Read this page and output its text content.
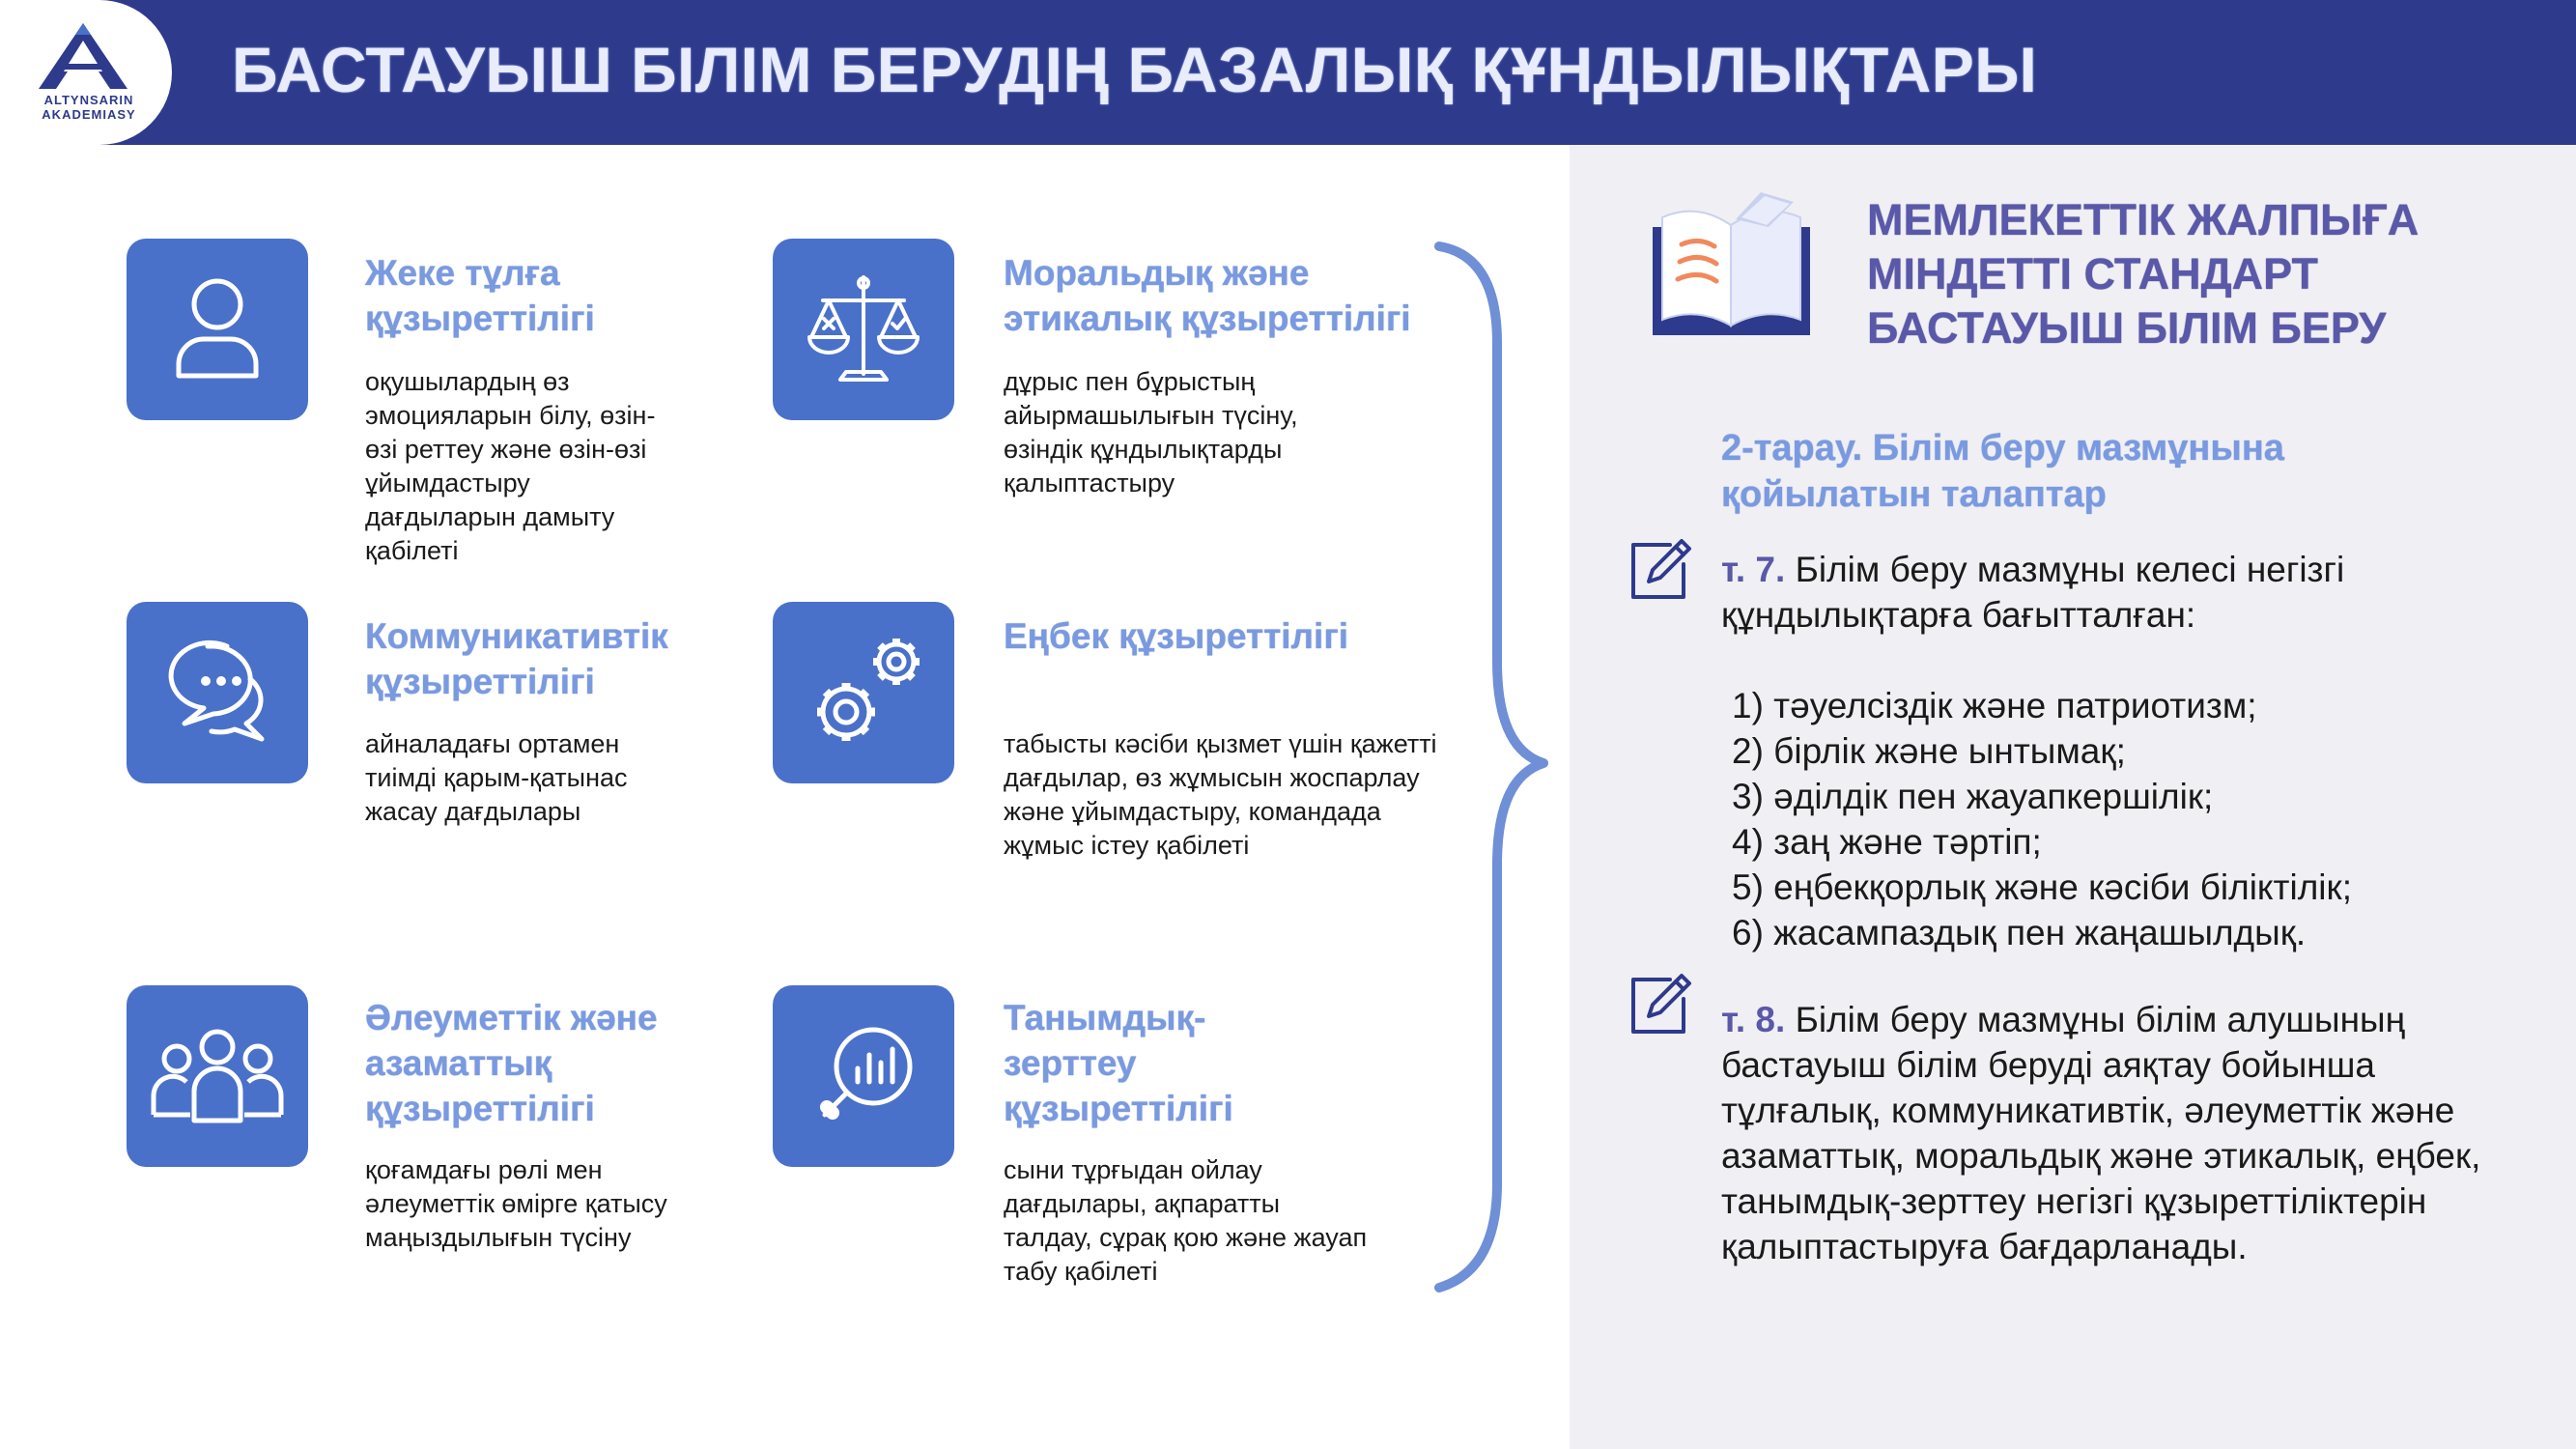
ALTYNSARIN
AKADEMIASY
БАСТАУЫШ БІЛІМ БЕРУДІҢ БАЗАЛЫҚ ҚҰНДЫЛЫҚТАРЫ
Жеке тұлға құзыреттілігі
оқушылардың өз эмоцияларын білу, өзін-өзі реттеу және өзін-өзі ұйымдастыру дағдыларын дамыту қабілеті
Моральдық және этикалық құзыреттілігі
дұрыс пен бұрыстың айырмашылығын түсіну, өзіндік құндылықтарды қалыптастыру
Коммуникативтік құзыреттілігі
айналадағы ортамен тиімді қарым-қатынас жасау дағдылары
Еңбек құзыреттілігі
табысты кәсіби қызмет үшін қажетті дағдылар, өз жұмысын жоспарлау және ұйымдастыру, командада жұмыс істеу қабілеті
Әлеуметтік және азаматтық құзыреттілігі
қоғамдағы рөлі мен әлеуметтік өмірге қатысу маңыздылығын түсіну
Танымдық-зерттеу құзыреттілігі
сыни тұрғыдан ойлау дағдылары, ақпаратты талдау, сұрақ қою және жауап табу қабілеті
МЕМЛЕКЕТТІК ЖАЛПЫҒА МІНДЕТТІ СТАНДАРТ БАСТАУЫШ БІЛІМ БЕРУ
2-тарау. Білім беру мазмұнына қойылатын талаптар
т. 7. Білім беру мазмұны келесі негізгі құндылықтарға бағытталған:
1) тәуелсіздік және патриотизм;
2) бірлік және ынтымақ;
3) әділдік пен жауапкершілік;
4) заң және тәртіп;
5) еңбекқорлық және кәсіби біліктілік;
6) жасампаздық пен жаңашылдық.
т. 8. Білім беру мазмұны білім алушының бастауыш білім беруді аяқтау бойынша тұлғалық, коммуникативтік, әлеуметтік және азаматтық, моральдық және этикалық, еңбек, танымдық-зерттеу негізгі құзыреттіліктерін қалыптастыруға бағдарланады.
